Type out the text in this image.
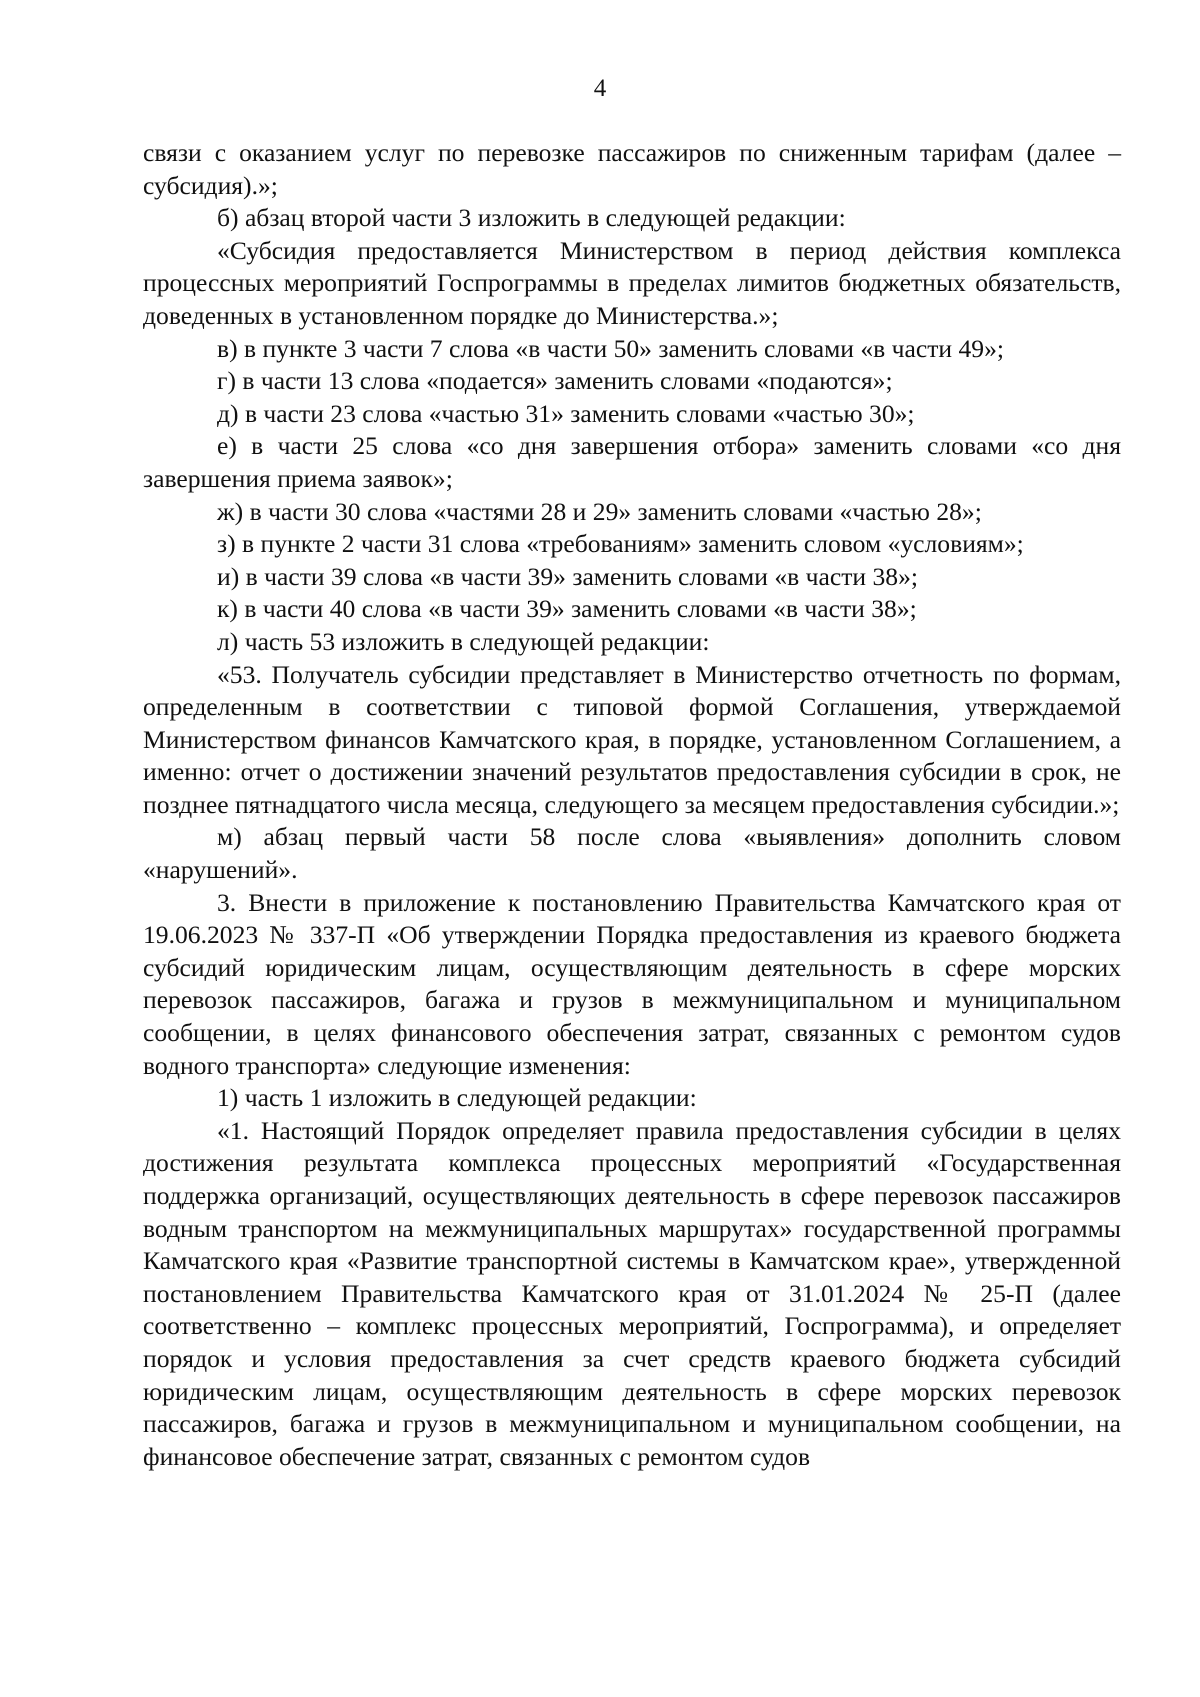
4

связи с оказанием услуг по перевозке пассажиров по сниженным тарифам (далее – субсидия).»;

б) абзац второй части 3 изложить в следующей редакции:

«Субсидия предоставляется Министерством в период действия комплекса процессных мероприятий Госпрограммы в пределах лимитов бюджетных обязательств, доведенных в установленном порядке до Министерства.»;

в) в пункте 3 части 7 слова «в части 50» заменить словами «в части 49»;

г) в части 13 слова «подается» заменить словами «подаются»;

д) в части 23 слова «частью 31» заменить словами «частью 30»;

е) в части 25 слова «со дня завершения отбора» заменить словами «со дня завершения приема заявок»;

ж) в части 30 слова «частями 28 и 29» заменить словами «частью 28»;

з) в пункте 2 части 31 слова «требованиям» заменить словом «условиям»;

и) в части 39 слова «в части 39» заменить словами «в части 38»;

к) в части 40 слова «в части 39» заменить словами «в части 38»;

л) часть 53 изложить в следующей редакции:

«53. Получатель субсидии представляет в Министерство отчетность по формам, определенным в соответствии с типовой формой Соглашения, утверждаемой Министерством финансов Камчатского края, в порядке, установленном Соглашением, а именно: отчет о достижении значений результатов предоставления субсидии в срок, не позднее пятнадцатого числа месяца, следующего за месяцем предоставления субсидии.»;

м) абзац первый части 58 после слова «выявления» дополнить словом «нарушений».

3. Внести в приложение к постановлению Правительства Камчатского края от 19.06.2023 № 337-П «Об утверждении Порядка предоставления из краевого бюджета субсидий юридическим лицам, осуществляющим деятельность в сфере морских перевозок пассажиров, багажа и грузов в межмуниципальном и муниципальном сообщении, в целях финансового обеспечения затрат, связанных с ремонтом судов водного транспорта» следующие изменения:

1) часть 1 изложить в следующей редакции:

«1. Настоящий Порядок определяет правила предоставления субсидии в целях достижения результата комплекса процессных мероприятий «Государственная поддержка организаций, осуществляющих деятельность в сфере перевозок пассажиров водным транспортом на межмуниципальных маршрутах» государственной программы Камчатского края «Развитие транспортной системы в Камчатском крае», утвержденной постановлением Правительства Камчатского края от 31.01.2024 № 25-П (далее соответственно – комплекс процессных мероприятий, Госпрограмма), и определяет порядок и условия предоставления за счет средств краевого бюджета субсидий юридическим лицам, осуществляющим деятельность в сфере морских перевозок пассажиров, багажа и грузов в межмуниципальном и муниципальном сообщении, на финансовое обеспечение затрат, связанных с ремонтом судов
